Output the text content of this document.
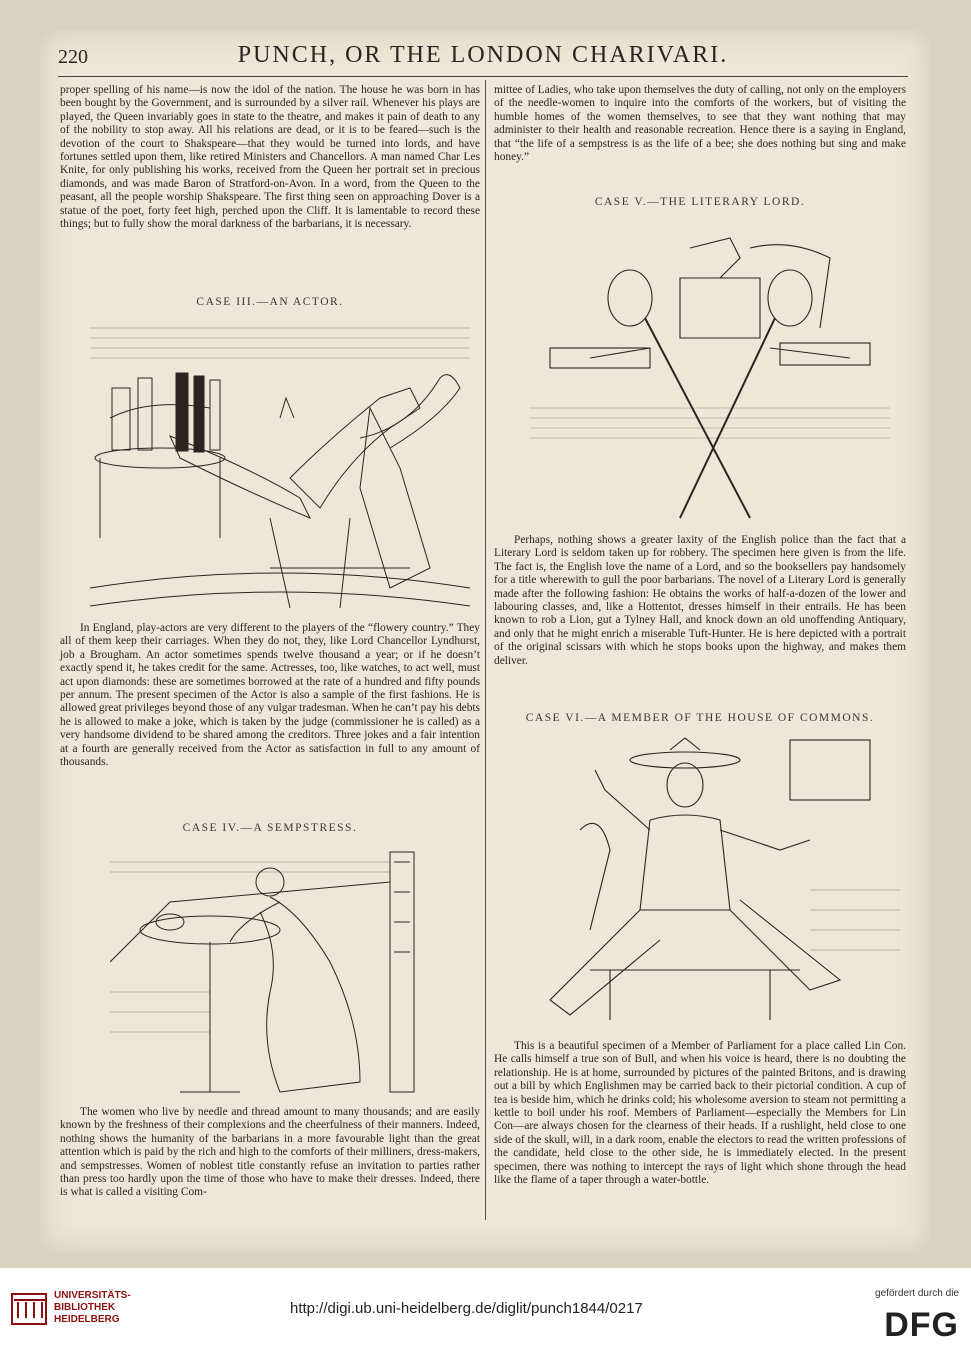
220	PUNCH, OR THE LONDON CHARIVARI.

proper spelling of his name—is now the idol of the nation. The house he was born in has been bought by the Government, and is surrounded by a silver rail. Whenever his plays are played, the Queen invariably goes in state to the theatre, and makes it pain of death to any of the nobility to stop away. All his relations are dead, or it is to be feared—such is the devotion of the court to Shakspeare—that they would be turned into lords, and have fortunes settled upon them, like retired Ministers and Chancellors. A man named Char Les Knite, for only publishing his works, received from the Queen her portrait set in precious diamonds, and was made Baron of Stratford-on-Avon. In a word, from the Queen to the peasant, all the people worship Shakspeare. The first thing seen on approaching Dover is a statue of the poet, forty feet high, perched upon the Cliff. It is lamentable to record these things; but to fully show the moral darkness of the barbarians, it is necessary.

CASE III.—AN ACTOR.

In England, play-actors are very different to the players of the “flowery country.” They all of them keep their carriages. When they do not, they, like Lord Chancellor Lyndhurst, job a Brougham. An actor sometimes spends twelve thousand a year; or if he doesn’t exactly spend it, he takes credit for the same. Actresses, too, like watches, to act well, must act upon diamonds: these are sometimes borrowed at the rate of a hundred and fifty pounds per annum. The present specimen of the Actor is also a sample of the first fashions. He is allowed great privileges beyond those of any vulgar tradesman. When he can’t pay his debts he is allowed to make a joke, which is taken by the judge (commissioner he is called) as a very handsome dividend to be shared among the creditors. Three jokes and a fair intention at a fourth are generally received from the Actor as satisfaction in full to any amount of thousands.

CASE IV.—A SEMPSTRESS.

The women who live by needle and thread amount to many thousands; and are easily known by the freshness of their complexions and the cheerfulness of their manners. Indeed, nothing shows the humanity of the barbarians in a more favourable light than the great attention which is paid by the rich and high to the comforts of their milliners, dress-makers, and sempstresses. Women of noblest title constantly refuse an invitation to parties rather than press too hardly upon the time of those who have to make their dresses. Indeed, there is what is called a visiting Com-

mittee of Ladies, who take upon themselves the duty of calling, not only on the employers of the needle-women to inquire into the comforts of the workers, but of visiting the humble homes of the women themselves, to see that they want nothing that may administer to their health and reasonable recreation. Hence there is a saying in England, that “the life of a sempstress is as the life of a bee; she does nothing but sing and make honey.”

CASE V.—THE LITERARY LORD.

Perhaps, nothing shows a greater laxity of the English police than the fact that a Literary Lord is seldom taken up for robbery. The specimen here given is from the life. The fact is, the English love the name of a Lord, and so the booksellers pay handsomely for a title wherewith to gull the poor barbarians. The novel of a Literary Lord is generally made after the following fashion: He obtains the works of half-a-dozen of the lower and labouring classes, and, like a Hottentot, dresses himself in their entrails. He has been known to rob a Lion, gut a Tylney Hall, and knock down an old unoffending Antiquary, and only that he might enrich a miserable Tuft-Hunter. He is here depicted with a portrait of the original scissars with which he stops books upon the highway, and makes them deliver.

CASE VI.—A MEMBER OF THE HOUSE OF COMMONS.

This is a beautiful specimen of a Member of Parliament for a place called Lin Con. He calls himself a true son of Bull, and when his voice is heard, there is no doubting the relationship. He is at home, surrounded by pictures of the painted Britons, and is drawing out a bill by which Englishmen may be carried back to their pictorial condition. A cup of tea is beside him, which he drinks cold; his wholesome aversion to steam not permitting a kettle to boil under his roof. Members of Parliament—especially the Members for Lin Con—are always chosen for the clearness of their heads. If a rushlight, held close to one side of the skull, will, in a dark room, enable the electors to read the written professions of the candidate, held close to the other side, he is immediately elected. In the present specimen, there was nothing to intercept the rays of light which shone through the head like the flame of a taper through a water-bottle.

UNIVERSITÄTS-
BIBLIOTHEK
HEIDELBERG
http://digi.ub.uni-heidelberg.de/diglit/punch1844/0217
gefördert durch die
DFG
